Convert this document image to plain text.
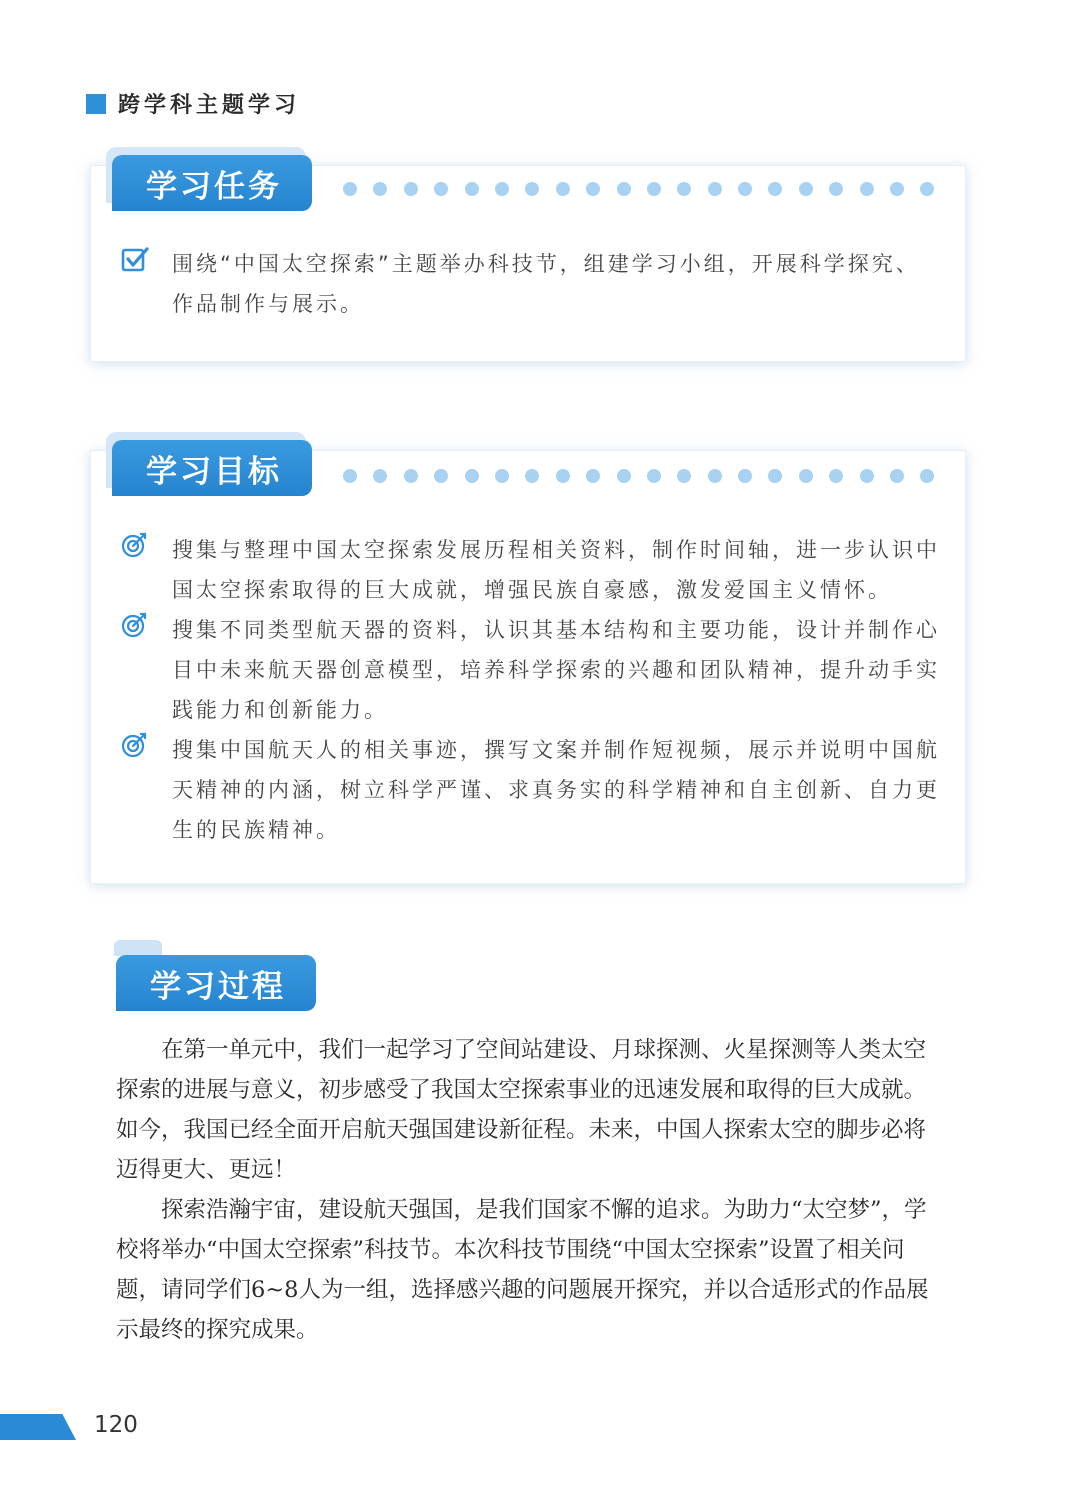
跨学科主题学习
学习任务
围绕“中国太空探索”主题举办科技节，组建学习小组，开展科学探究、作品制作与展示。
学习目标
搜集与整理中国太空探索发展历程相关资料，制作时间轴，进一步认识中国太空探索取得的巨大成就，增强民族自豪感，激发爱国主义情怀。
搜集不同类型航天器的资料，认识其基本结构和主要功能，设计并制作心目中未来航天器创意模型，培养科学探索的兴趣和团队精神，提升动手实践能力和创新能力。
搜集中国航天人的相关事迹，撰写文案并制作短视频，展示并说明中国航天精神的内涵，树立科学严谨、求真务实的科学精神和自主创新、自力更生的民族精神。
学习过程
在第一单元中，我们一起学习了空间站建设、月球探测、火星探测等人类太空探索的进展与意义，初步感受了我国太空探索事业的迅速发展和取得的巨大成就。如今，我国已经全面开启航天强国建设新征程。未来，中国人探索太空的脚步必将迈得更大、更远！
探索浩瀚宇宙，建设航天强国，是我们国家不懈的追求。为助力“太空梦”，学校将举办“中国太空探索”科技节。本次科技节围绕“中国太空探索”设置了相关问题，请同学们6~8人为一组，选择感兴趣的问题展开探究，并以合适形式的作品展示最终的探究成果。
120
